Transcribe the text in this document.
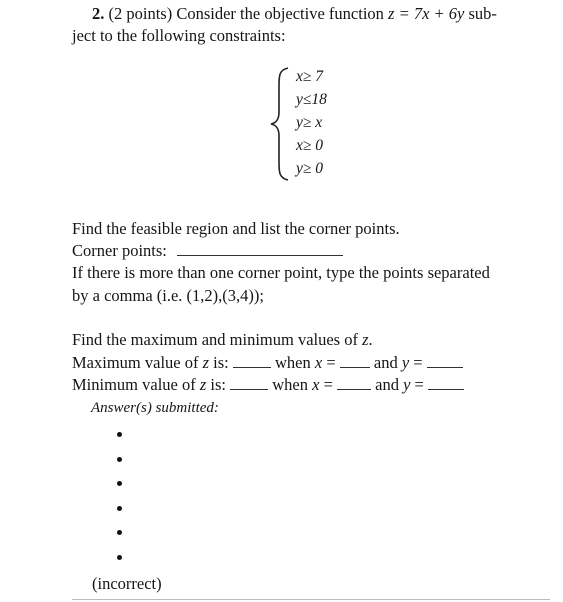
2. (2 points) Consider the objective function z = 7x + 6y sub-
ject to the following constraints:
x≥ 7
y≤18
y≥ x
x≥ 0
y≥ 0
Find the feasible region and list the corner points.
Corner points:
If there is more than one corner point, type the points separated
by a comma (i.e. (1,2),(3,4));
Find the maximum and minimum values of z.
Maximum value of z is:	when x = and y =
Minimum value of z is:	when x =	and y =
Answer(s) submitted:
(incorrect)
